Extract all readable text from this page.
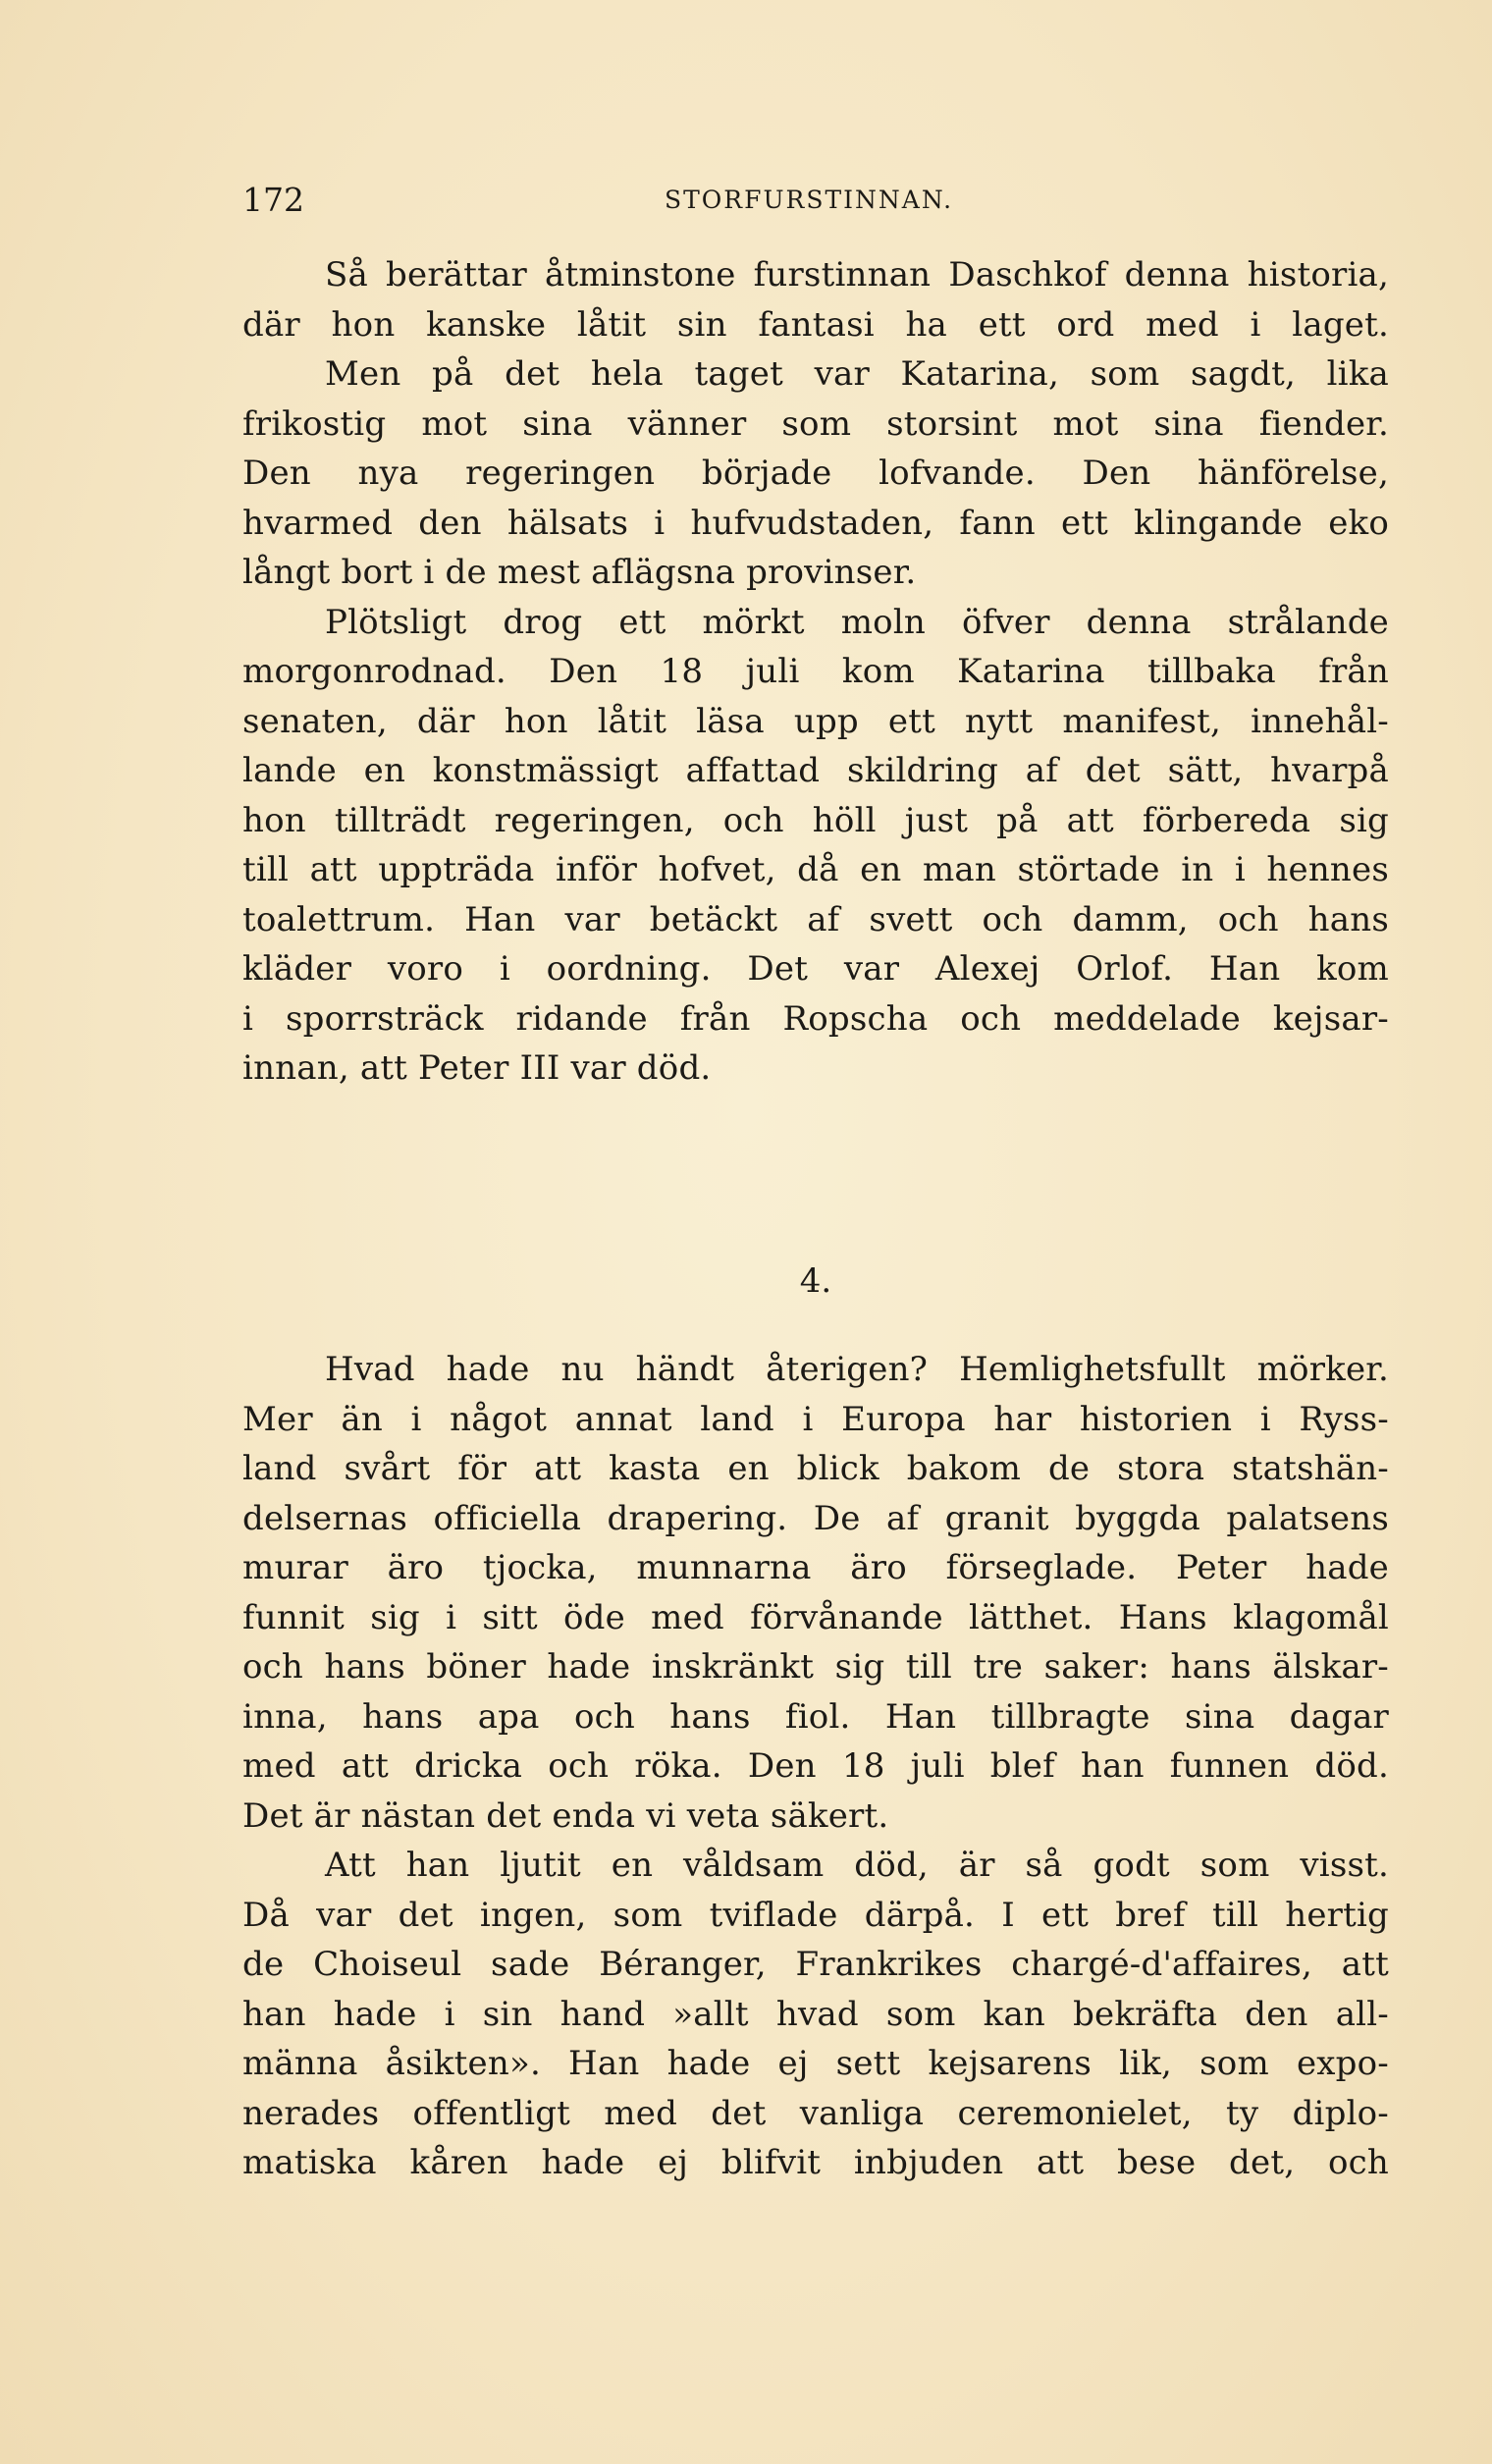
172	STORFURSTINNAN.
Så berättar åtminstone furstinnan Daschkof denna historia,
där hon kanske låtit sin fantasi ha ett ord med i laget.
Men på det hela taget var Katarina, som sagdt, lika
frikostig mot sina vänner som storsint mot sina fiender.
Den nya regeringen började lofvande. Den hänförelse,
hvarmed den hälsats i hufvudstaden, fann ett klingande eko
långt bort i de mest aflägsna provinser.
Plötsligt drog ett mörkt moln öfver denna strålande
morgonrodnad. Den 18 juli kom Katarina tillbaka från
senaten, där hon låtit läsa upp ett nytt manifest, innehål-
lande en konstmässigt affattad skildring af det sätt, hvarpå
hon tillträdt regeringen, och höll just på att förbereda sig
till att uppträda inför hofvet, då en man störtade in i hennes
toalettrum. Han var betäckt af svett och damm, och hans
kläder voro i oordning. Det var Alexej Orlof. Han kom
i sporrsträck ridande från Ropscha och meddelade kejsar-
innan, att Peter III var död.
4.
Hvad hade nu händt återigen? Hemlighetsfullt mörker.
Mer än i något annat land i Europa har historien i Ryss-
land svårt för att kasta en blick bakom de stora statshän-
delsernas officiella drapering. De af granit byggda palatsens
murar äro tjocka, munnarna äro förseglade. Peter hade
funnit sig i sitt öde med förvånande lätthet. Hans klagomål
och hans böner hade inskränkt sig till tre saker: hans älskar-
inna, hans apa och hans fiol. Han tillbragte sina dagar
med att dricka och röka. Den 18 juli blef han funnen död.
Det är nästan det enda vi veta säkert.
Att han ljutit en våldsam död, är så godt som visst.
Då var det ingen, som tviflade därpå. I ett bref till hertig
de Choiseul sade Béranger, Frankrikes chargé-d'affaires, att
han hade i sin hand »allt hvad som kan bekräfta den all-
männa åsikten». Han hade ej sett kejsarens lik, som expo-
nerades offentligt med det vanliga ceremonielet, ty diplo-
matiska kåren hade ej blifvit inbjuden att bese det, och
